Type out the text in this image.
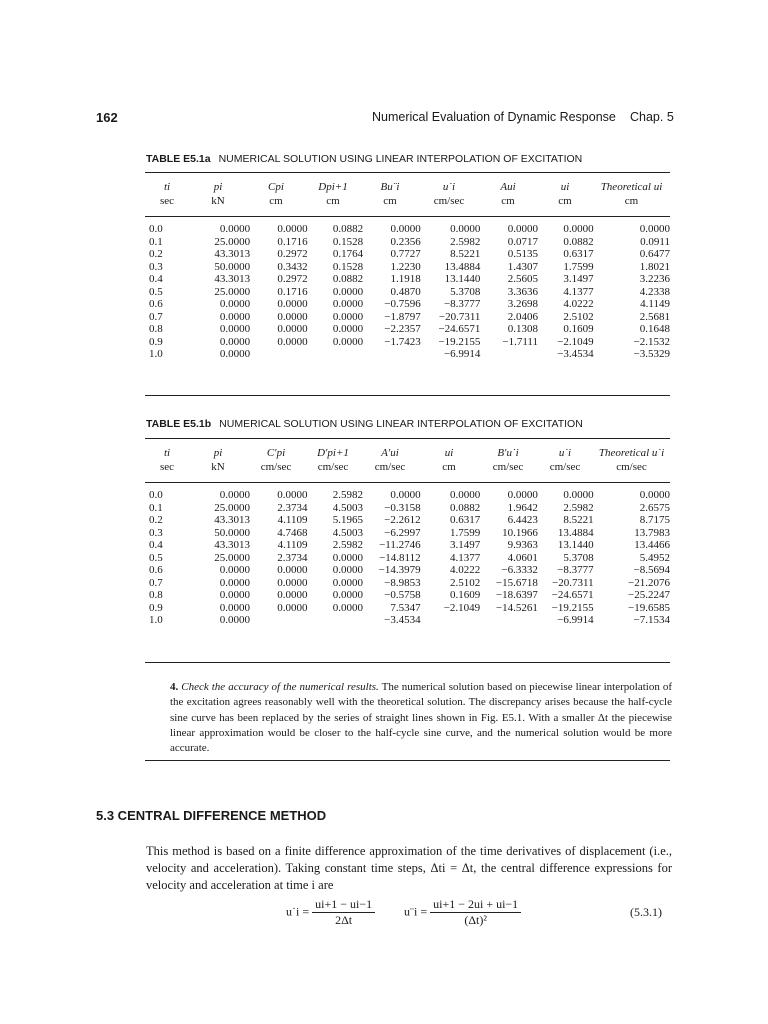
162	Numerical Evaluation of Dynamic Response Chap. 5
TABLE E5.1a NUMERICAL SOLUTION USING LINEAR INTERPOLATION OF EXCITATION
ti	pi	Cpi	Dpi+1	Bu¨i	u˙i	Aui	ui	Theoretical ui
sec	kN	cm	cm	cm	cm/sec	cm	cm	cm
0.0	0.0000	0.0000	0.0882	0.0000	0.0000	0.0000	0.0000	0.0000
0.1	25.0000	0.1716	0.1528	0.2356	2.5982	0.0717	0.0882	0.0911
0.2	43.3013	0.2972	0.1764	0.7727	8.5221	0.5135	0.6317	0.6477
0.3	50.0000	0.3432	0.1528	1.2230	13.4884	1.4307	1.7599	1.8021
0.4	43.3013	0.2972	0.0882	1.1918	13.1440	2.5605	3.1497	3.2236
0.5	25.0000	0.1716	0.0000	0.4870	5.3708	3.3636	4.1377	4.2338
0.6	0.0000	0.0000	0.0000	−0.7596	−8.3777	3.2698	4.0222	4.1149
0.7	0.0000	0.0000	0.0000	−1.8797	−20.7311	2.0406	2.5102	2.5681
0.8	0.0000	0.0000	0.0000	−2.2357	−24.6571	0.1308	0.1609	0.1648
0.9	0.0000	0.0000	0.0000	−1.7423	−19.2155	−1.7111	−2.1049	−2.1532
1.0	0.0000				−6.9914		−3.4534	−3.5329
TABLE E5.1b NUMERICAL SOLUTION USING LINEAR INTERPOLATION OF EXCITATION
ti	pi	C′pi	D′pi+1	A′ui	ui	B′u˙i	u˙i	Theoretical u˙i
sec	kN	cm/sec	cm/sec	cm/sec	cm	cm/sec	cm/sec	cm/sec
0.0	0.0000	0.0000	2.5982	0.0000	0.0000	0.0000	0.0000	0.0000
0.1	25.0000	2.3734	4.5003	−0.3158	0.0882	1.9642	2.5982	2.6575
0.2	43.3013	4.1109	5.1965	−2.2612	0.6317	6.4423	8.5221	8.7175
0.3	50.0000	4.7468	4.5003	−6.2997	1.7599	10.1966	13.4884	13.7983
0.4	43.3013	4.1109	2.5982	−11.2746	3.1497	9.9363	13.1440	13.4466
0.5	25.0000	2.3734	0.0000	−14.8112	4.1377	4.0601	5.3708	5.4952
0.6	0.0000	0.0000	0.0000	−14.3979	4.0222	−6.3332	−8.3777	−8.5694
0.7	0.0000	0.0000	0.0000	−8.9853	2.5102	−15.6718	−20.7311	−21.2076
0.8	0.0000	0.0000	0.0000	−0.5758	0.1609	−18.6397	−24.6571	−25.2247
0.9	0.0000	0.0000	0.0000	7.5347	−2.1049	−14.5261	−19.2155	−19.6585
1.0	0.0000			−3.4534			−6.9914	−7.1534
4. Check the accuracy of the numerical results. The numerical solution based on piecewise linear interpolation of the excitation agrees reasonably well with the theoretical solution. The discrepancy arises because the half-cycle sine curve has been replaced by the series of straight lines shown in Fig. E5.1. With a smaller Δt the piecewise linear approximation would be closer to the half-cycle sine curve, and the numerical solution would be more accurate.
5.3 CENTRAL DIFFERENCE METHOD
This method is based on a finite difference approximation of the time derivatives of displacement (i.e., velocity and acceleration). Taking constant time steps, Δti = Δt, the central difference expressions for velocity and acceleration at time i are
u˙i = $\frac{ui+1 - ui-1}{2\Delta t}$ u¨i = $\frac{ui+1 - 2ui + ui-1}{\text{(Δt)²}}$	(5.3.1)
